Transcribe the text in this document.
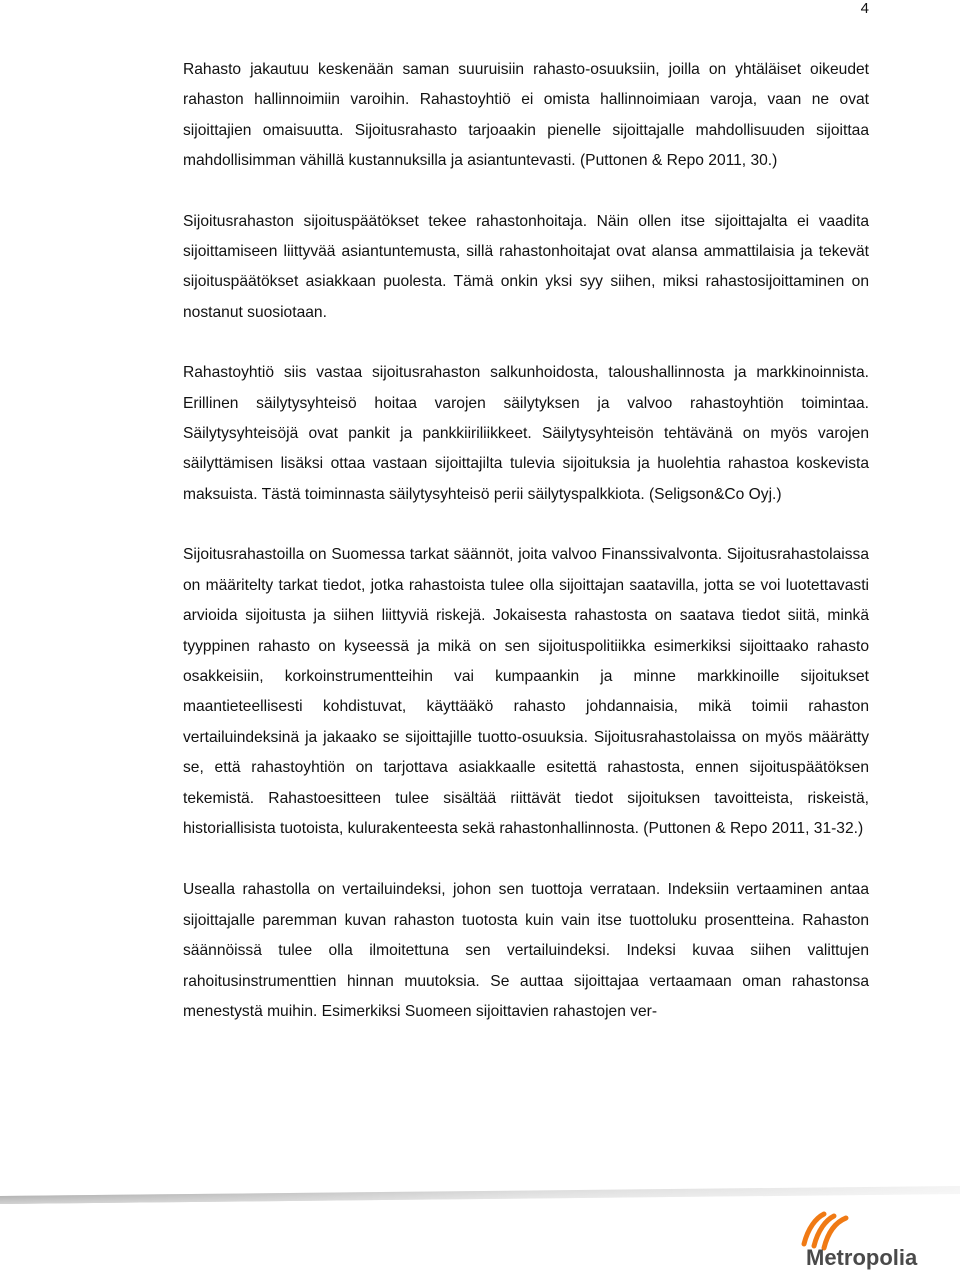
4

Rahasto jakautuu keskenään saman suuruisiin rahasto-osuuksiin, joilla on yhtäläiset oikeudet rahaston hallinnoimiin varoihin. Rahastoyhtiö ei omista hallinnoimiaan varoja, vaan ne ovat sijoittajien omaisuutta. Sijoitusrahasto tarjoaakin pienelle sijoittajalle mahdollisuuden sijoittaa mahdollisimman vähillä kustannuksilla ja asiantuntevasti. (Puttonen & Repo 2011, 30.)

Sijoitusrahaston sijoituspäätökset tekee rahastonhoitaja. Näin ollen itse sijoittajalta ei vaadita sijoittamiseen liittyvää asiantuntemusta, sillä rahastonhoitajat ovat alansa ammattilaisia ja tekevät sijoituspäätökset asiakkaan puolesta. Tämä onkin yksi syy siihen, miksi rahastosijoittaminen on nostanut suosiotaan.

Rahastoyhtiö siis vastaa sijoitusrahaston salkunhoidosta, taloushallinnosta ja markkinoinnista. Erillinen säilytysyhteisö hoitaa varojen säilytyksen ja valvoo rahastoyhtiön toimintaa. Säilytysyhteisöjä ovat pankit ja pankkiiriliikkeet. Säilytysyhteisön tehtävänä on myös varojen säilyttämisen lisäksi ottaa vastaan sijoittajilta tulevia sijoituksia ja huolehtia rahastoa koskevista maksuista. Tästä toiminnasta säilytysyhteisö perii säilytyspalkkiota. (Seligson&Co Oyj.)

Sijoitusrahastoilla on Suomessa tarkat säännöt, joita valvoo Finanssivalvonta. Sijoitusrahastolaissa on määritelty tarkat tiedot, jotka rahastoista tulee olla sijoittajan saatavilla, jotta se voi luotettavasti arvioida sijoitusta ja siihen liittyviä riskejä. Jokaisesta rahastosta on saatava tiedot siitä, minkä tyyppinen rahasto on kyseessä ja mikä on sen sijoituspolitiikka esimerkiksi sijoittaako rahasto osakkeisiin, korkoinstrumentteihin vai kumpaankin ja minne markkinoille sijoitukset maantieteellisesti kohdistuvat, käyttääkö rahasto johdannaisia, mikä toimii rahaston vertailuindeksinä ja jakaako se sijoittajille tuotto-osuuksia. Sijoitusrahastolaissa on myös määrätty se, että rahastoyhtiön on tarjottava asiakkaalle esitettä rahastosta, ennen sijoituspäätöksen tekemistä. Rahastoesitteen tulee sisältää riittävät tiedot sijoituksen tavoitteista, riskeistä, historiallisista tuotoista, kulurakenteesta sekä rahastonhallinnosta. (Puttonen & Repo 2011, 31-32.)

Usealla rahastolla on vertailuindeksi, johon sen tuottoja verrataan. Indeksiin vertaaminen antaa sijoittajalle paremman kuvan rahaston tuotosta kuin vain itse tuottoluku prosentteina. Rahaston säännöissä tulee olla ilmoitettuna sen vertailuindeksi. Indeksi kuvaa siihen valittujen rahoitusinstrumenttien hinnan muutoksia. Se auttaa sijoittajaa vertaamaan oman rahastonsa menestystä muihin. Esimerkiksi Suomeen sijoittavien rahastojen ver-

Metropolia
